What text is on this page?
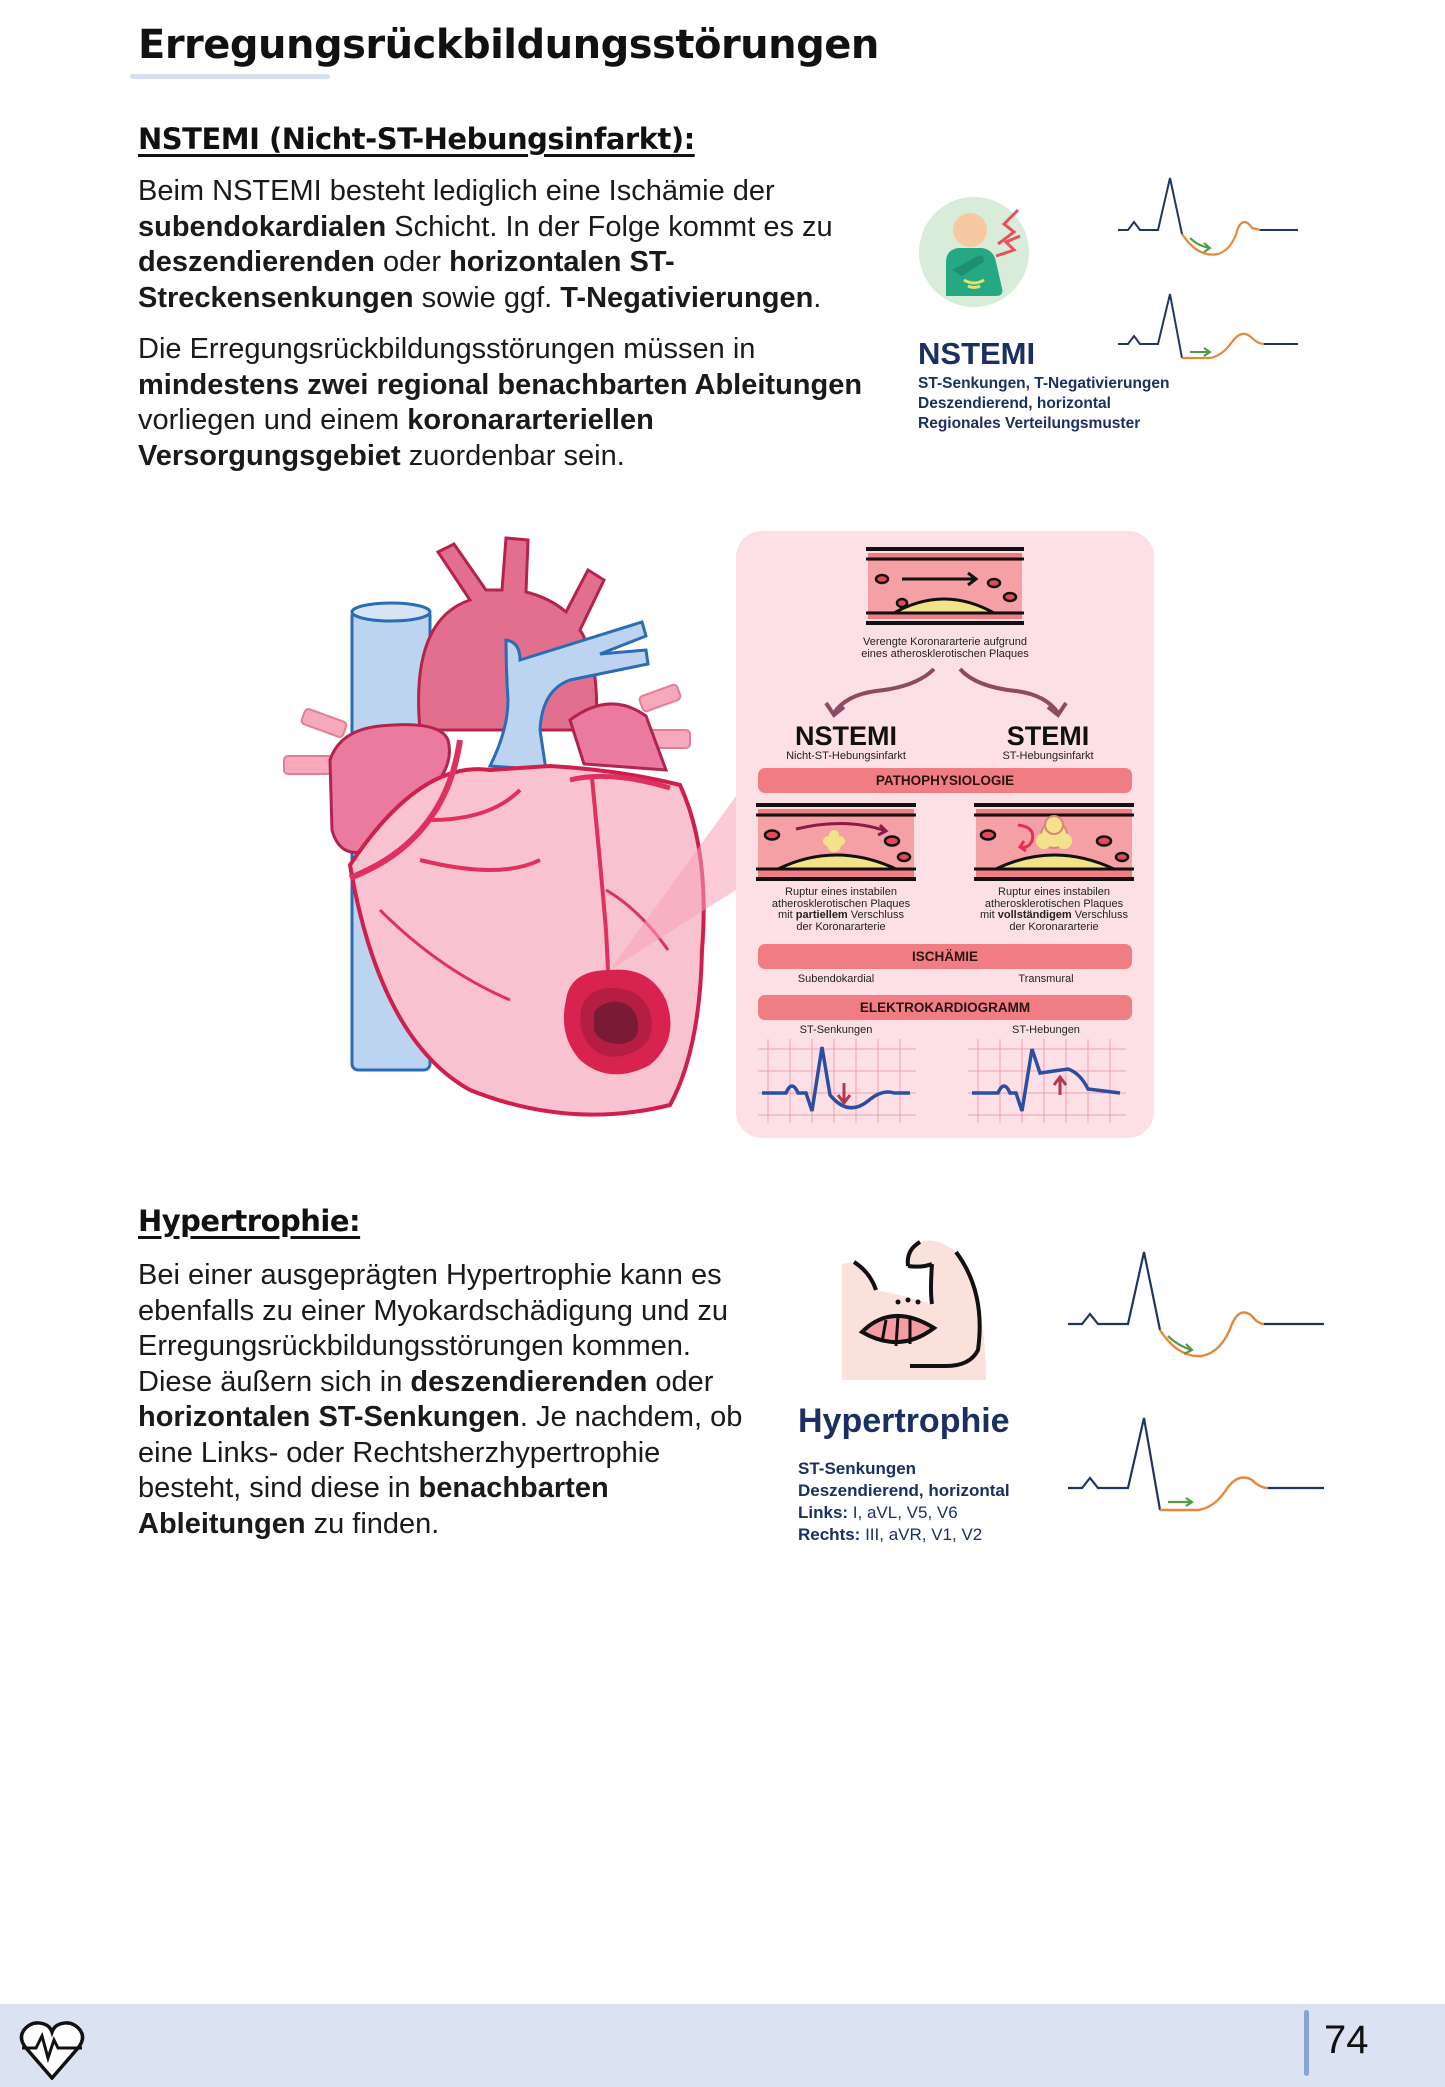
Erregungsrückbildungsstörungen
NSTEMI (Nicht-ST-Hebungsinfarkt):

Beim NSTEMI besteht lediglich eine Ischämie der subendokardialen Schicht. In der Folge kommt es zu deszendierenden oder horizontalen ST-Streckensenkungen sowie ggf. T-Negativierungen.

Die Erregungsrückbildungsstörungen müssen in mindestens zwei regional benachbarten Ableitungen vorliegen und einem koronararteriellen Versorgungsgebiet zuordenbar sein.

NSTEMI
ST-Senkungen, T-Negativierungen
Deszendierend, horizontal
Regionales Verteilungsmuster
Verengte Koronararterie aufgrund
eines atherosklerotischen Plaques
NSTEMI
Nicht-ST-Hebungsinfarkt
STEMI
ST-Hebungsinfarkt
PATHOPHYSIOLOGIE
Ruptur eines instabilen
atherosklerotischen Plaques
mit partiellem Verschluss
der Koronararterie
Ruptur eines instabilen
atherosklerotischen Plaques
mit vollständigem Verschluss
der Koronararterie
ISCHÄMIE
Subendokardial	Transmural
ELEKTROKARDIOGRAMM
ST-Senkungen	ST-Hebungen
Hypertrophie:

Bei einer ausgeprägten Hypertrophie kann es ebenfalls zu einer Myokardschädigung und zu Erregungsrückbildungsstörungen kommen. Diese äußern sich in deszendierenden oder horizontalen ST-Senkungen. Je nachdem, ob eine Links- oder Rechtsherzhypertrophie besteht, sind diese in benachbarten Ableitungen zu finden.

Hypertrophie
ST-Senkungen
Deszendierend, horizontal
Links: I, aVL, V5, V6
Rechts: III, aVR, V1, V2
74
